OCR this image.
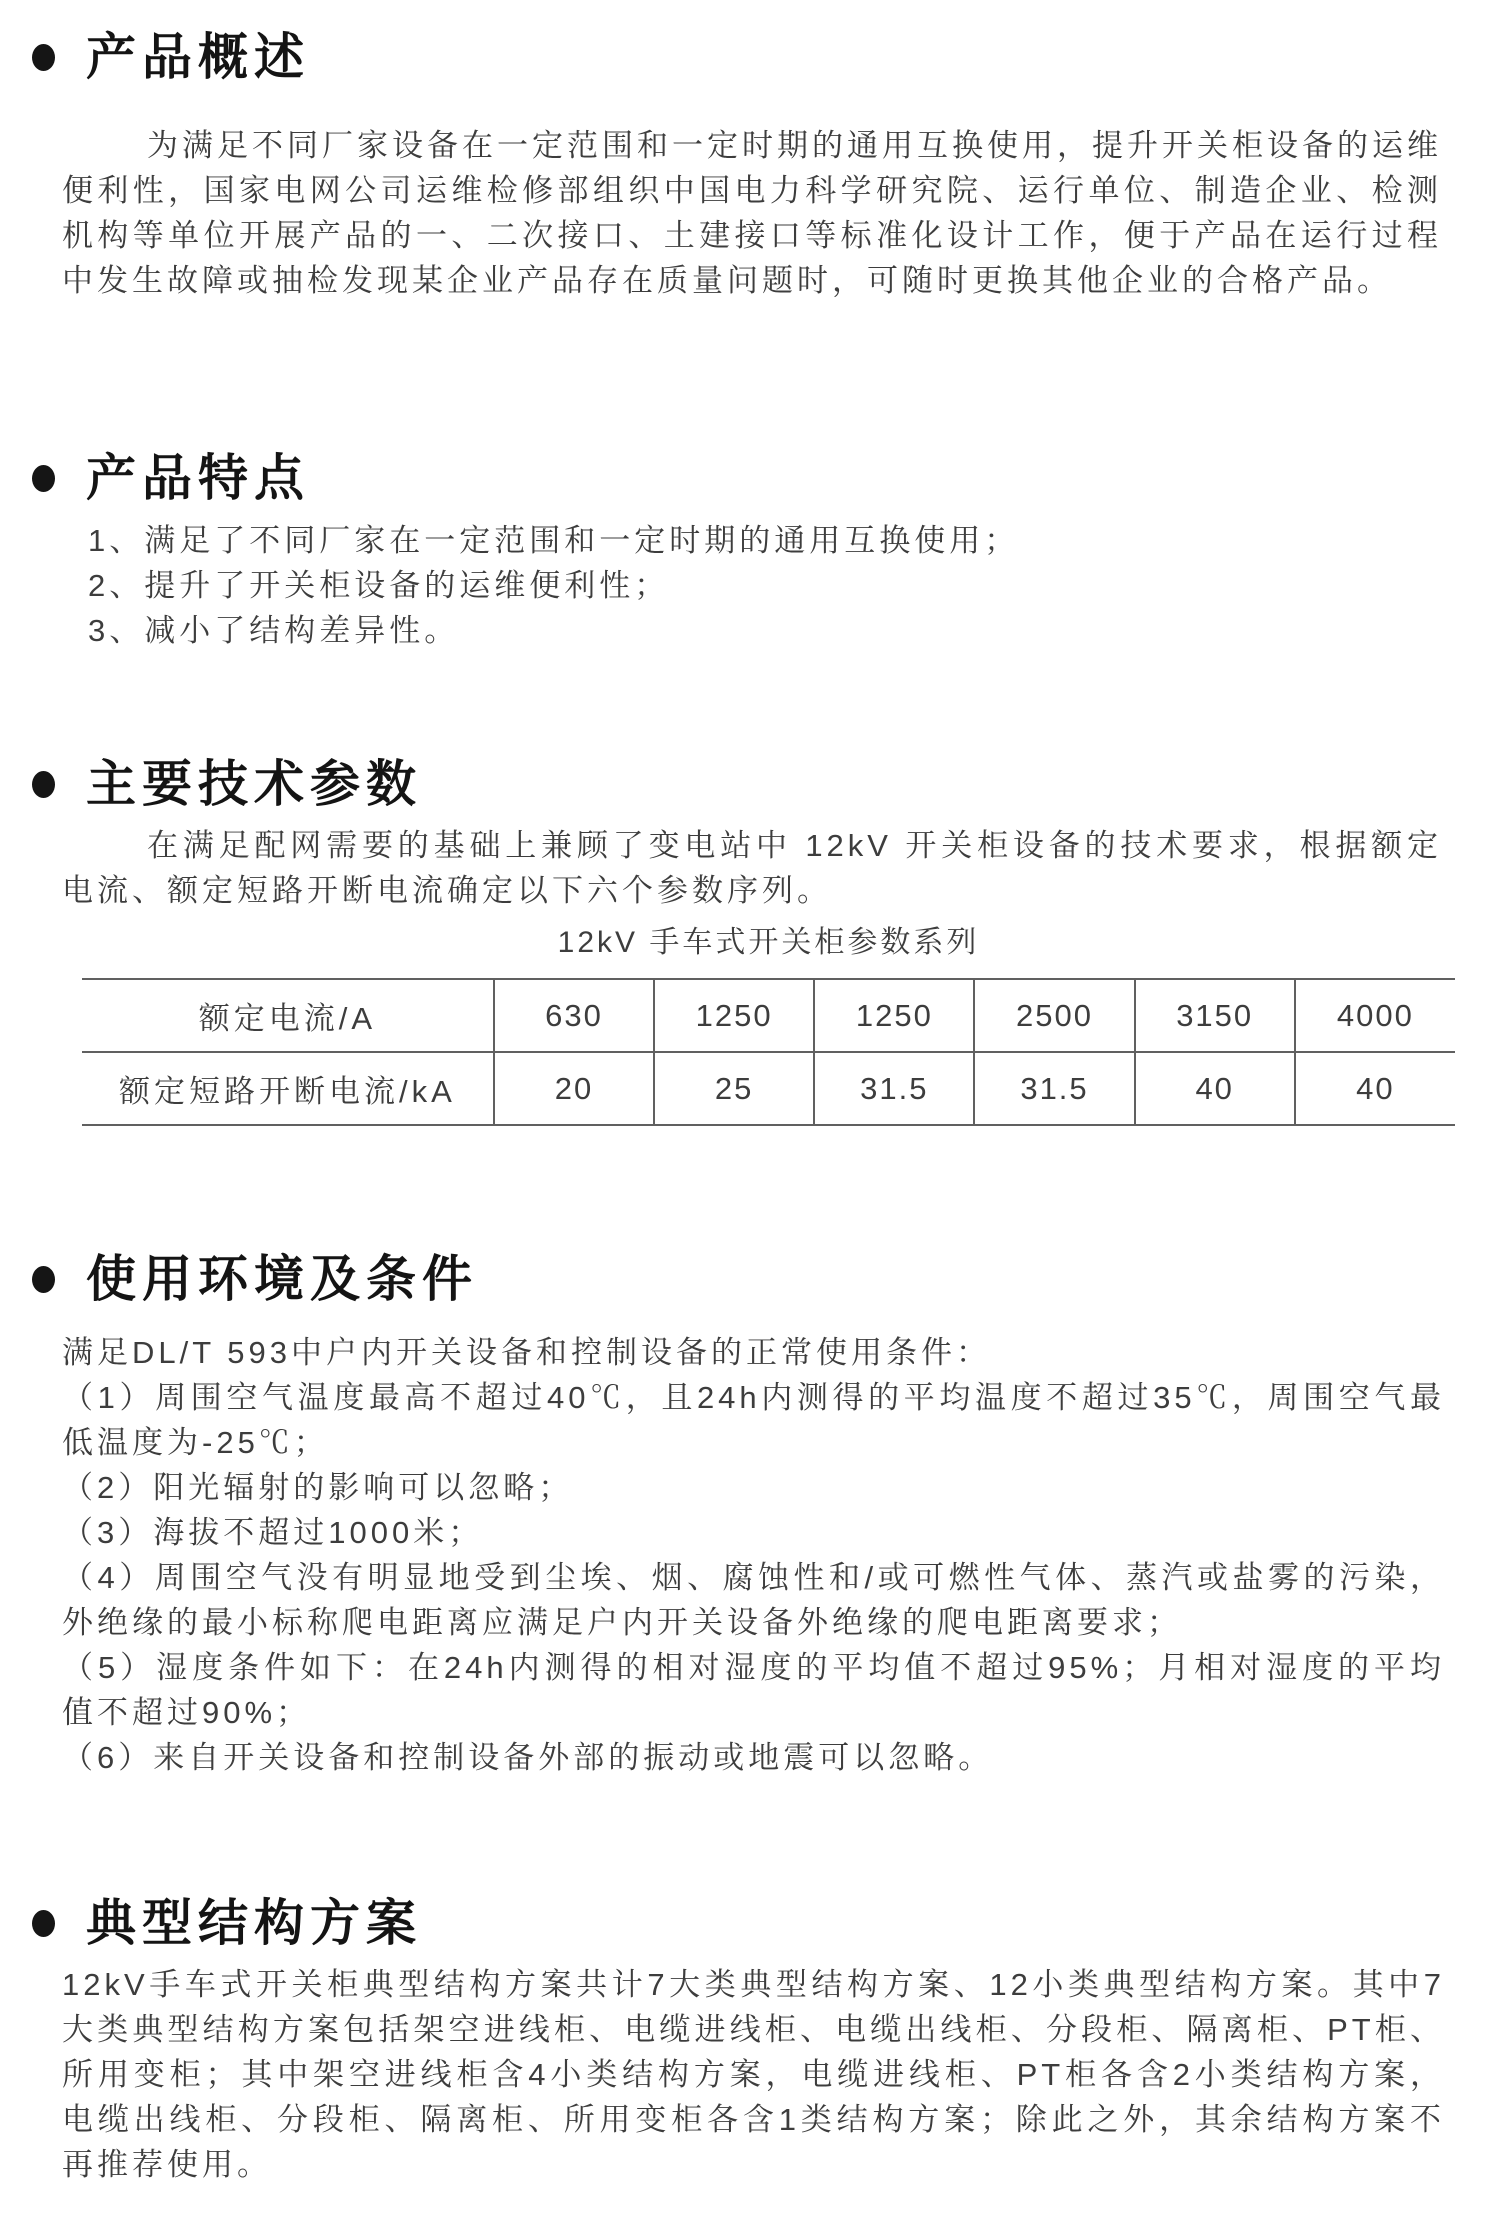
产品概述

为满足不同厂家设备在一定范围和一定时期的通用互换使用，提升开关柜设备的运维便利性，国家电网公司运维检修部组织中国电力科学研究院、运行单位、制造企业、检测机构等单位开展产品的一、二次接口、土建接口等标准化设计工作，便于产品在运行过程中发生故障或抽检发现某企业产品存在质量问题时，可随时更换其他企业的合格产品。

产品特点

1、满足了不同厂家在一定范围和一定时期的通用互换使用；

2、提升了开关柜设备的运维便利性；

3、减小了结构差异性。

主要技术参数

在满足配网需要的基础上兼顾了变电站中 12kV 开关柜设备的技术要求，根据额定电流、额定短路开断电流确定以下六个参数序列。

12kV 手车式开关柜参数系列

额定电流/A	630	1250	1250	2500	3150	4000
额定短路开断电流/kA	20	25	31.5	31.5	40	40
使用环境及条件

满足DL/T 593中户内开关设备和控制设备的正常使用条件：

（1）周围空气温度最高不超过40℃，且24h内测得的平均温度不超过35℃，周围空气最低温度为-25℃；

（2）阳光辐射的影响可以忽略；

（3）海拔不超过1000米；

（4）周围空气没有明显地受到尘埃、烟、腐蚀性和/或可燃性气体、蒸汽或盐雾的污染，外绝缘的最小标称爬电距离应满足户内开关设备外绝缘的爬电距离要求；

（5）湿度条件如下：在24h内测得的相对湿度的平均值不超过95%；月相对湿度的平均值不超过90%；

（6）来自开关设备和控制设备外部的振动或地震可以忽略。

典型结构方案

12kV手车式开关柜典型结构方案共计7大类典型结构方案、12小类典型结构方案。其中7大类典型结构方案包括架空进线柜、电缆进线柜、电缆出线柜、分段柜、隔离柜、PT柜、所用变柜；其中架空进线柜含4小类结构方案，电缆进线柜、PT柜各含2小类结构方案，电缆出线柜、分段柜、隔离柜、所用变柜各含1类结构方案；除此之外，其余结构方案不再推荐使用。
